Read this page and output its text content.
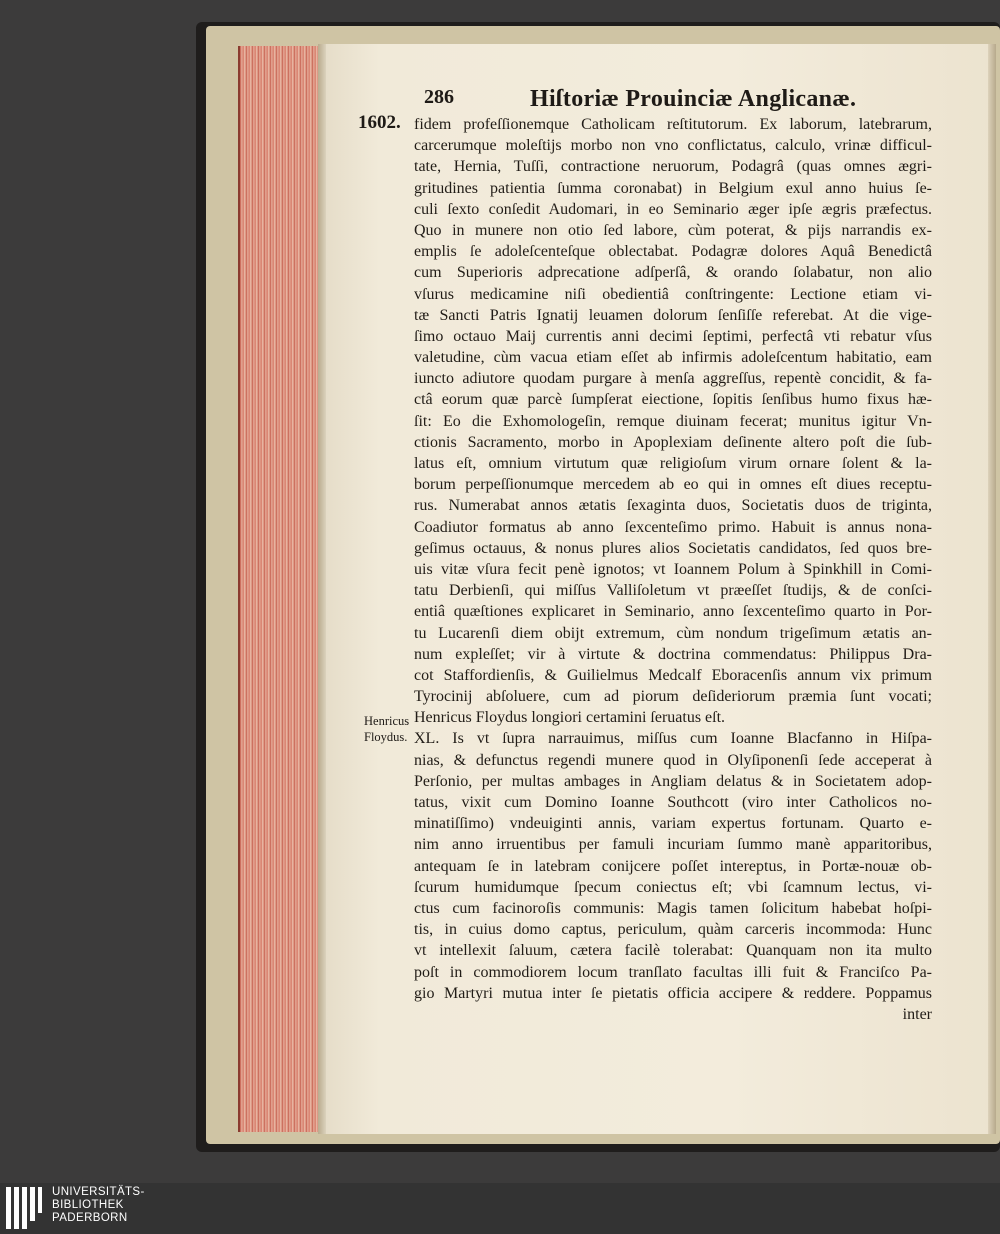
286	Hiſtoriæ Prouinciæ Anglicanæ.
1602.
Henricus
Floydus.
fidem profeſſionemque Catholicam reſtitutorum. Ex laborum, latebrarum,
carcerumque moleſtijs morbo non vno conflictatus, calculo, vrinæ difficul-
tate, Hernia, Tuſſi, contractione neruorum, Podagrâ (quas omnes ægri-
gritudines patientia ſumma coronabat) in Belgium exul anno huius ſe-
culi ſexto conſedit Audomari, in eo Seminario æger ipſe ægris præfectus.
Quo in munere non otio ſed labore, cùm poterat, & pijs narrandis ex-
emplis ſe adoleſcenteſque oblectabat. Podagræ dolores Aquâ Benedictâ
cum Superioris adprecatione adſperſâ, & orando ſolabatur, non alio
vſurus medicamine niſi obedientiâ conſtringente: Lectione etiam vi-
tæ Sancti Patris Ignatij leuamen dolorum ſenſiſſe referebat. At die vige-
ſimo octauo Maij currentis anni decimi ſeptimi, perfectâ vti rebatur vſus
valetudine, cùm vacua etiam eſſet ab infirmis adoleſcentum habitatio, eam
iuncto adiutore quodam purgare à menſa aggreſſus, repentè concidit, & fa-
ctâ eorum quæ parcè ſumpſerat eiectione, ſopitis ſenſibus humo fixus hæ-
ſit: Eo die Exhomologeſin, remque diuinam fecerat; munitus igitur Vn-
ctionis Sacramento, morbo in Apoplexiam deſinente altero poſt die ſub-
latus eſt, omnium virtutum quæ religioſum virum ornare ſolent & la-
borum perpeſſionumque mercedem ab eo qui in omnes eſt diues receptu-
rus. Numerabat annos ætatis ſexaginta duos, Societatis duos de triginta,
Coadiutor formatus ab anno ſexcenteſimo primo. Habuit is annus nona-
geſimus octauus, & nonus plures alios Societatis candidatos, ſed quos bre-
uis vitæ vſura fecit penè ignotos; vt Ioannem Polum à Spinkhill in Comi-
tatu Derbienſi, qui miſſus Valliſoletum vt præeſſet ſtudijs, & de conſci-
entiâ quæſtiones explicaret in Seminario, anno ſexcenteſimo quarto in Por-
tu Lucarenſi diem obijt extremum, cùm nondum trigeſimum ætatis an-
num expleſſet; vir à virtute & doctrina commendatus: Philippus Dra-
cot Staffordienſis, & Guilielmus Medcalf Eboracenſis annum vix primum
Tyrocinij abſoluere, cum ad piorum deſideriorum præmia ſunt vocati;
Henricus Floydus longiori certamini ſeruatus eſt.
XL. Is vt ſupra narrauimus, miſſus cum Ioanne Blacfanno in Hiſpa-
nias, & defunctus regendi munere quod in Olyſiponenſi ſede acceperat à
Perſonio, per multas ambages in Angliam delatus & in Societatem adop-
tatus, vixit cum Domino Ioanne Southcott (viro inter Catholicos no-
minatiſſimo) vndeuiginti annis, variam expertus fortunam. Quarto e-
nim anno irruentibus per famuli incuriam ſummo manè apparitoribus,
antequam ſe in latebram conijcere poſſet intereptus, in Portæ-nouæ ob-
ſcurum humidumque ſpecum coniectus eſt; vbi ſcamnum lectus, vi-
ctus cum facinoroſis communis: Magis tamen ſolicitum habebat hoſpi-
tis, in cuius domo captus, periculum, quàm carceris incommoda: Hunc
vt intellexit ſaluum, cætera facilè tolerabat: Quanquam non ita multo
poſt in commodiorem locum tranſlato facultas illi fuit & Franciſco Pa-
gio Martyri mutua inter ſe pietatis officia accipere & reddere. Poppamus
inter
UNIVERSITÄTS-
BIBLIOTHEK
PADERBORN
